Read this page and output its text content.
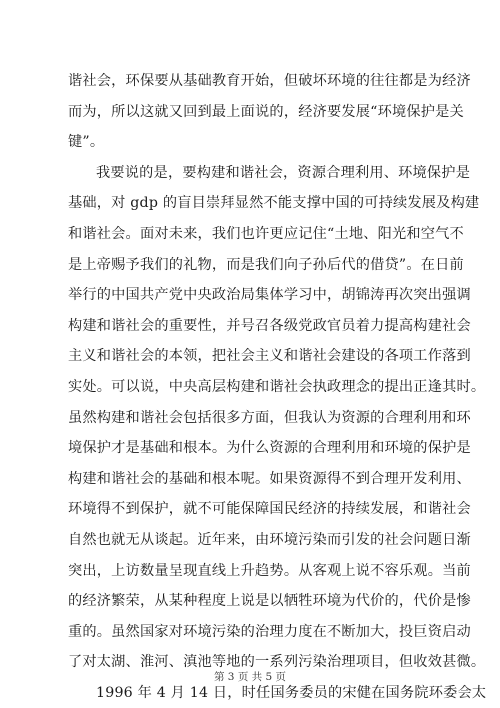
谐社会，环保要从基础教育开始，但破坏环境的往往都是为经济
而为，所以这就又回到最上面说的，经济要发展“环境保护是关
键”。
我要说的是，要构建和谐社会，资源合理利用、环境保护是
基础，对 gdp 的盲目崇拜显然不能支撑中国的可持续发展及构建
和谐社会。面对未来，我们也许更应记住“土地、阳光和空气不
是上帝赐予我们的礼物，而是我们向子孙后代的借贷”。在日前
举行的中国共产党中央政治局集体学习中，胡锦涛再次突出强调
构建和谐社会的重要性，并号召各级党政官员着力提高构建社会
主义和谐社会的本领，把社会主义和谐社会建设的各项工作落到
实处。可以说，中央高层构建和谐社会执政理念的提出正逢其时。
虽然构建和谐社会包括很多方面，但我认为资源的合理利用和环
境保护才是基础和根本。为什么资源的合理利用和环境的保护是
构建和谐社会的基础和根本呢。如果资源得不到合理开发利用、
环境得不到保护，就不可能保障国民经济的持续发展，和谐社会
自然也就无从谈起。近年来，由环境污染而引发的社会问题日渐
突出，上访数量呈现直线上升趋势。从客观上说不容乐观。当前
的经济繁荣，从某种程度上说是以牺牲环境为代价的，代价是惨
重的。虽然国家对环境污染的治理力度在不断加大，投巨资启动
了对太湖、淮河、滇池等地的一系列污染治理项目，但收效甚微。
1996 年 4 月 14 日，时任国务委员的宋健在国务院环委会太
第 3 页 共 5 页
